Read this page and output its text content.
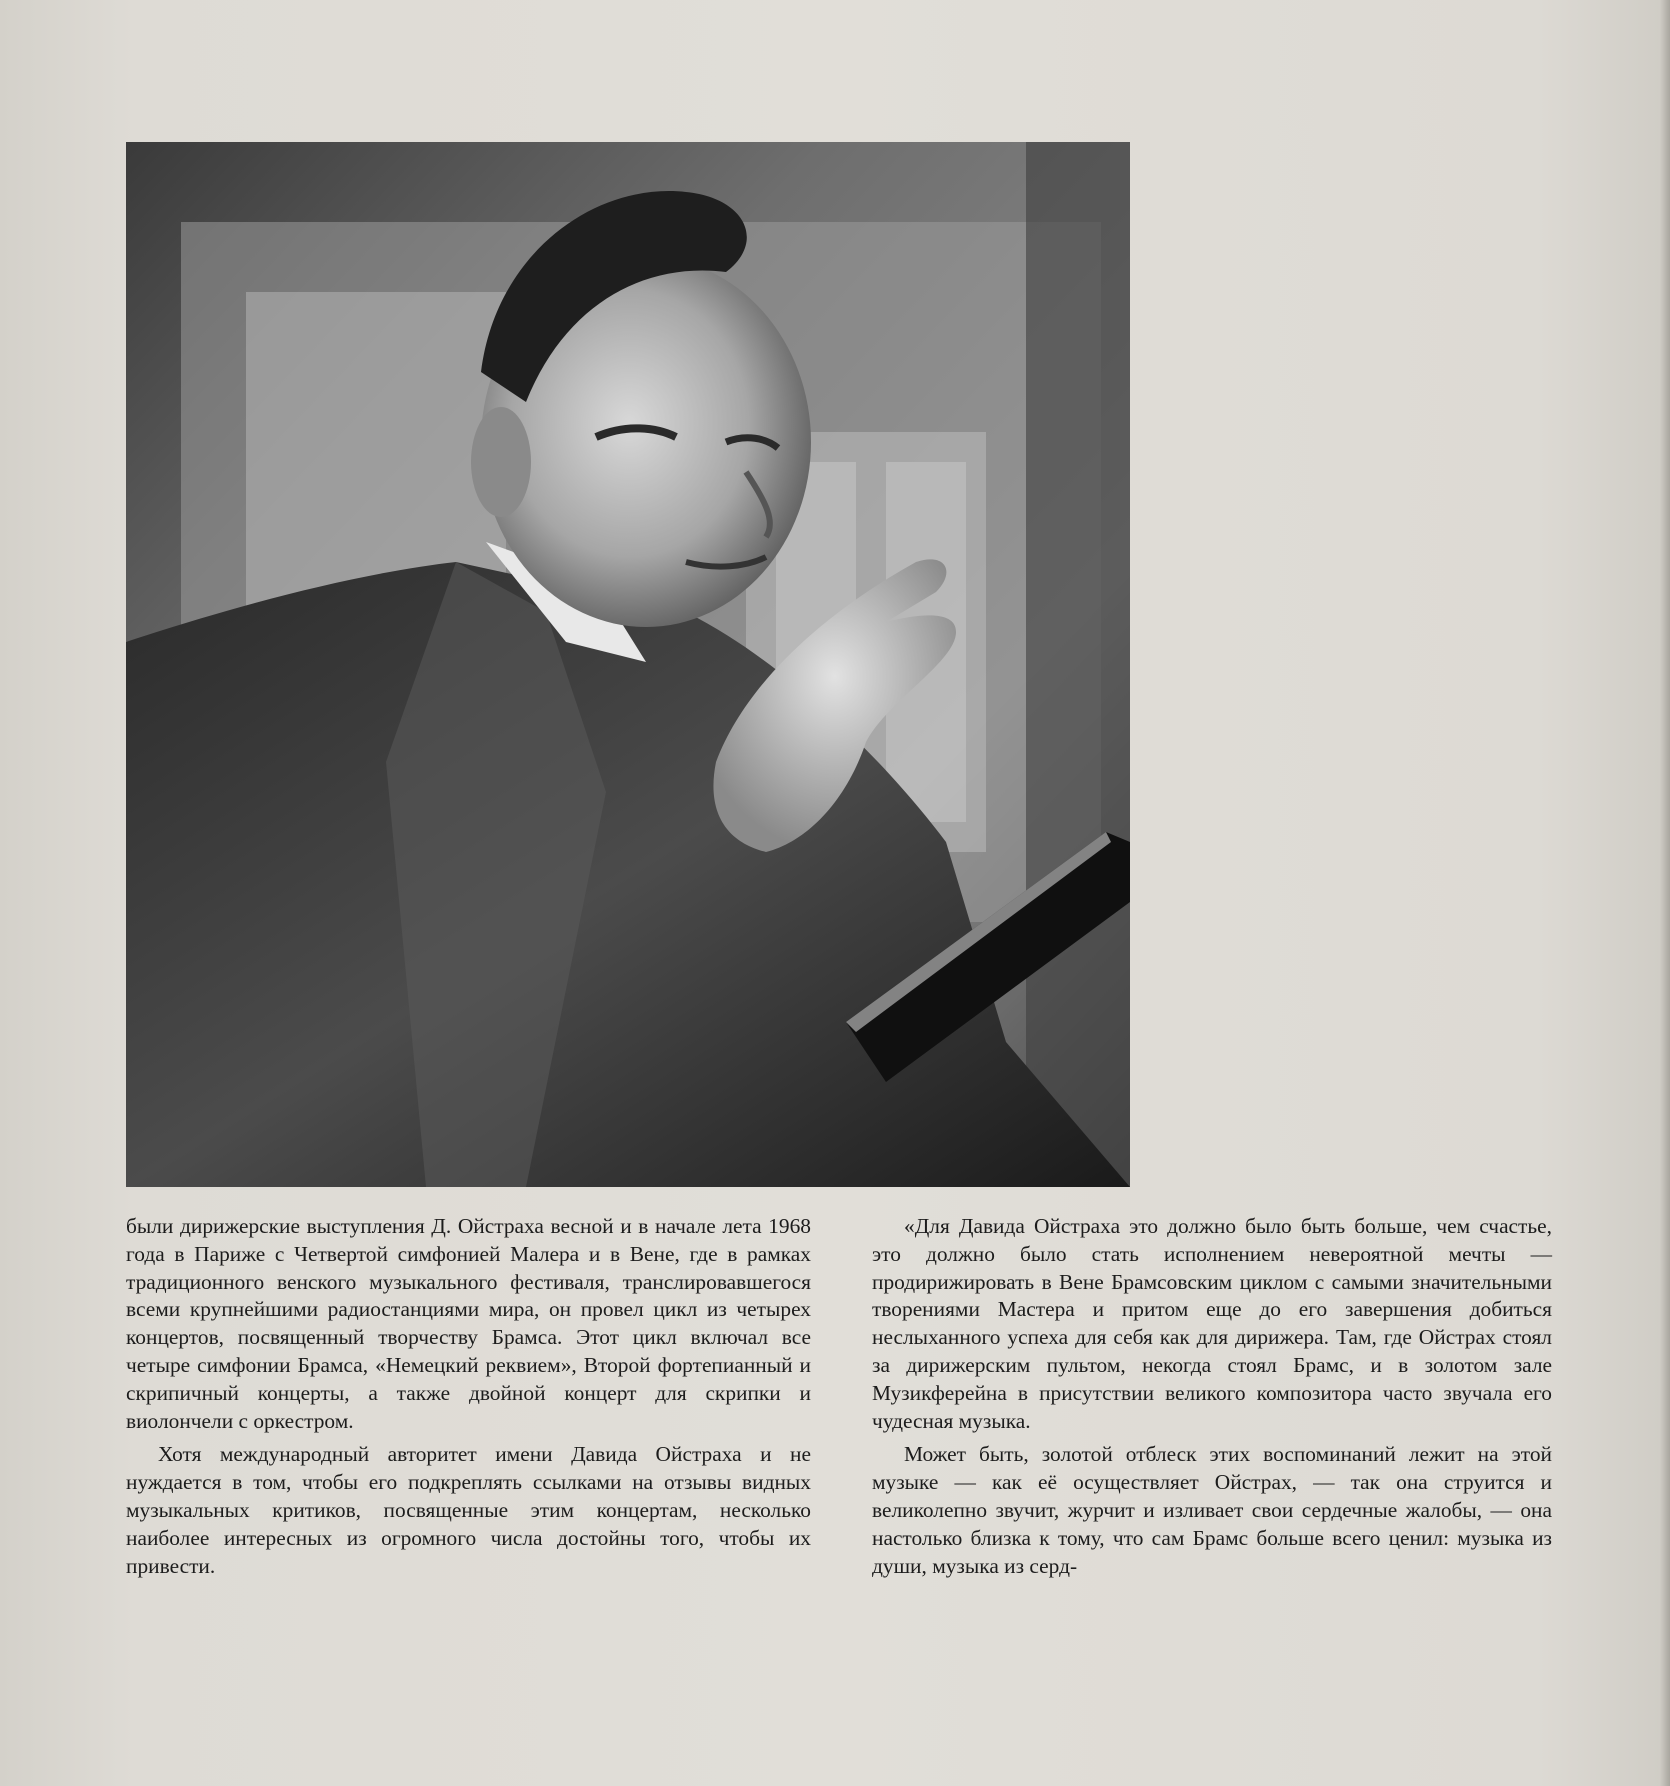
были дирижерские выступления Д. Ойстраха весной и в начале лета 1968 года в Париже с Четвертой симфонией Малера и в Вене, где в рамках традиционного венского музыкального фестиваля, транслировавшегося всеми крупнейшими радиостанциями мира, он провел цикл из четырех концертов, посвященный творчеству Брамса. Этот цикл включал все четыре симфонии Брамса, «Немецкий реквием», Второй фортепианный и скрипичный концерты, а также двойной концерт для скрипки и виолончели с оркестром.

Хотя международный авторитет имени Давида Ойстраха и не нуждается в том, чтобы его подкреплять ссылками на отзывы видных музыкальных критиков, посвященные этим концертам, несколько наиболее интересных из огромного числа достойны того, чтобы их привести.

«Для Давида Ойстраха это должно было быть больше, чем счастье, это должно было стать исполнением невероятной мечты — продирижировать в Вене Брамсовским циклом с самыми значительными творениями Мастера и притом еще до его завершения добиться неслыханного успеха для себя как для дирижера. Там, где Ойстрах стоял за дирижерским пультом, некогда стоял Брамс, и в золотом зале Музикферейна в присутствии великого композитора часто звучала его чудесная музыка.

Может быть, золотой отблеск этих воспоминаний лежит на этой музыке — как её осуществляет Ойстрах, — так она струится и великолепно звучит, журчит и изливает свои сердечные жалобы, — она настолько близка к тому, что сам Брамс больше всего ценил: музыка из души, музыка из серд-
